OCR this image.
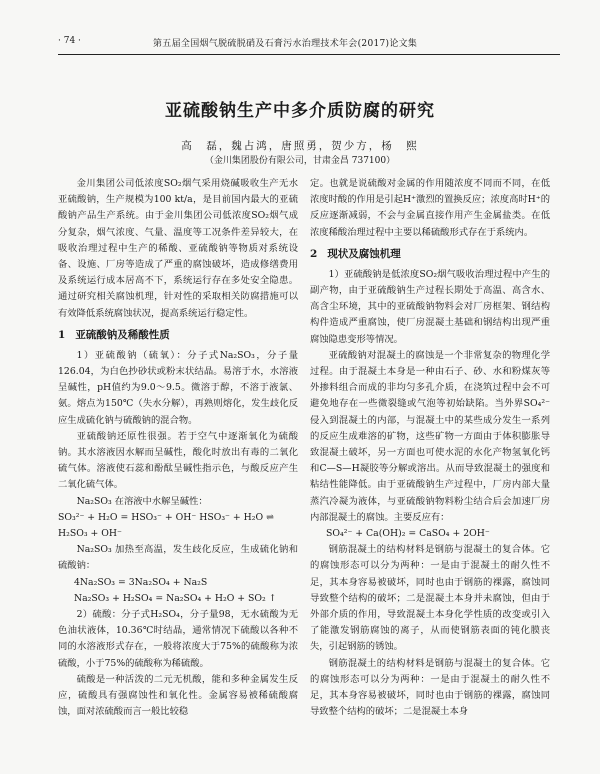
· 74 ·	第五届全国烟气脱硫脱硝及石膏污水治理技术年会(2017)论文集
亚硫酸钠生产中多介质防腐的研究
高　磊，魏占鸿，唐照勇，贺少方，杨　熙
（金川集团股份有限公司，甘肃金昌 737100）

金川集团公司低浓度SO₂烟气采用烧碱吸收生产无水亚硫酸钠，生产规模为100 kt/a，是目前国内最大的亚硫酸钠产品生产系统。由于金川集团公司低浓度SO₂烟气成分复杂，烟气浓度、气量、温度等工况条件差异较大，在吸收治理过程中生产的稀酸、亚硫酸钠等物质对系统设备、设施、厂房等造成了严重的腐蚀破坏，造成修缮费用及系统运行成本居高不下，系统运行存在多处安全隐患。通过研究相关腐蚀机理，针对性的采取相关防腐措施可以有效降低系统腐蚀状况，提高系统运行稳定性。

1 亚硫酸钠及稀酸性质

1）亚硫酸钠（硫氧）：分子式Na₂SO₃，分子量126.04，为白色抄砂状或粉末状结晶。易溶于水，水溶液呈碱性，pH值约为9.0～9.5。微溶于醇，不溶于液氯、氨。熔点为150℃（失水分解），再熟则熔化，发生歧化反应生成硫化钠与硫酸钠的混合物。

亚硫酸钠还原性很强。若于空气中逐渐氧化为硫酸钠。其水溶液因水解而呈碱性，酸化时放出有毒的二氧化硫气体。溶液使石蕊和酚酞呈碱性指示色，与酸反应产生二氧化硫气体。

Na₂SO₃ 在溶液中水解呈碱性：

SO₃²⁻ + H₂O = HSO₃⁻ + OH⁻ HSO₃⁻ + H₂O ⇌

H₂SO₃ + OH⁻

Na₂SO₃ 加热至高温，发生歧化反应，生成硫化钠和硫酸钠：

4Na₂SO₃ = 3Na₂SO₄ + Na₂S

Na₂SO₃ + H₂SO₄ = Na₂SO₄ + H₂O + SO₂ ↑

2）硫酸：分子式H₂SO₄，分子量98，无水硫酸为无色油状液体，10.36℃时结晶，通常情况下硫酸以各种不同的水溶液形式存在，一般将浓度大于75%的硫酸称为浓硫酸，小于75%的硫酸称为稀硫酸。

硫酸是一种活泼的二元无机酸，能和多种金属发生反应，硫酸具有强腐蚀性和氧化性。金属容易被稀硫酸腐蚀，面对浓硫酸而言一般比较稳

定。也就是说硫酸对金属的作用随浓度不同而不同，在低浓度时酸的作用是引起H⁺激烈的置换反应；浓度高时H⁺的反应逐渐减弱，不会与金属直接作用产生金属盐类。在低浓度稀酸治理过程中主要以稀硫酸形式存在于系统内。

2 现状及腐蚀机理

1）亚硫酸钠是低浓度SO₂烟气吸收治理过程中产生的副产物，由于亚硫酸钠生产过程长期处于高温、高含水、高含尘环境，其中的亚硫酸钠物料会对厂房框架、钢结构构件造成严重腐蚀，使厂房混凝土基础和钢结构出现严重腐蚀隐患变形等情况。

亚硫酸钠对混凝土的腐蚀是一个非常复杂的物理化学过程。由于混凝土本身是一种由石子、砂、水和粉煤灰等外掺料组合而成的非均匀多孔介质，在浇筑过程中会不可避免地存在一些微裂缝或气泡等初始缺陷。当外界SO₄²⁻侵入到混凝土的内部，与混凝土中的某些成分发生一系列的反应生成难溶的矿物，这些矿物一方面由于体积膨胀导致混凝土破坏，另一方面也可使水泥的水化产物氢氧化钙和C—S—H凝胶等分解或溶出。从而导致混凝土的强度和粘结性能降低。由于亚硫酸钠生产过程中，厂房内部大量蒸汽冷凝为液体，与亚硫酸钠物料粉尘结合后会加速厂房内部混凝土的腐蚀。主要反应有：

SO₄²⁻ + Ca(OH)₂ = CaSO₄ + 2OH⁻

钢筋混凝土的结构材料是钢筋与混凝土的复合体。它的腐蚀形态可以分为两种：一是由于混凝土的耐久性不足，其本身容易被破坏，同时也由于钢筋的裸露，腐蚀同导致整个结构的破坏；二是混凝土本身并未腐蚀，但由于外部介质的作用，导致混凝土本身化学性质的改变或引入了能激发钢筋腐蚀的离子，从而使钢筋表面的钝化膜丧失，引起钢筋的锈蚀。

钢筋混凝土的结构材料是钢筋与混凝土的复合体。它的腐蚀形态可以分为两种：一是由于混凝土的耐久性不足，其本身容易被破坏，同时也由于钢筋的裸露，腐蚀同导致整个结构的破坏；二是混凝土本身
